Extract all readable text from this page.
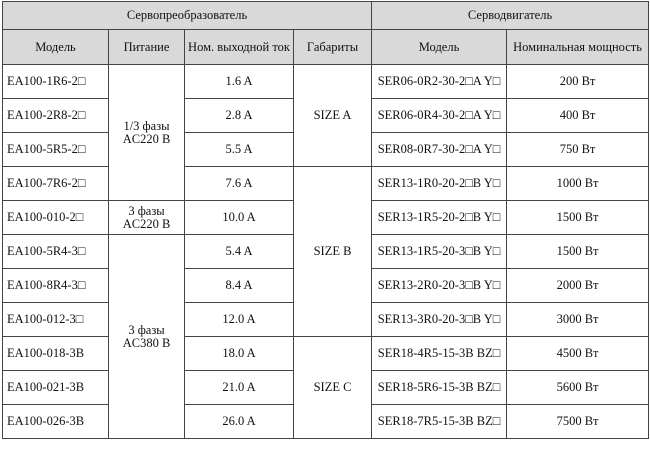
Сервопреобразователь				Серводвигатель	
Модель	Питание	Ном. выходной ток	Габариты	Модель	Номинальная мощность
EA100-1R6-2□	1/3 фазы AC220 В	1.6 A	SIZE A	SER06-0R2-30-2□A Y□	200 Вт
EA100-2R8-2□		2.8 A		SER06-0R4-30-2□A Y□	400 Вт
EA100-5R5-2□		5.5 A		SER08-0R7-30-2□A Y□	750 Вт
EA100-7R6-2□		7.6 A	SIZE B	SER13-1R0-20-2□B Y□	1000 Вт
EA100-010-2□	3 фазы AC220 В	10.0 A		SER13-1R5-20-2□B Y□	1500 Вт
EA100-5R4-3□	3 фазы AC380 В	5.4 A		SER13-1R5-20-3□B Y□	1500 Вт
EA100-8R4-3□		8.4 A		SER13-2R0-20-3□B Y□	2000 Вт
EA100-012-3□		12.0 A		SER13-3R0-20-3□B Y□	3000 Вт
EA100-018-3B		18.0 A	SIZE C	SER18-4R5-15-3B BZ□	4500 Вт
EA100-021-3B		21.0 A		SER18-5R6-15-3B BZ□	5600 Вт
EA100-026-3B		26.0 A		SER18-7R5-15-3B BZ□	7500 Вт
